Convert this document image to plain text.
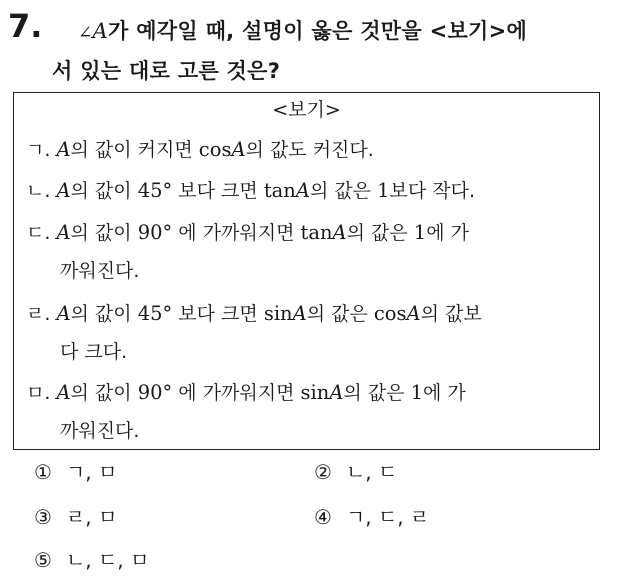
7.	∠A가 예각일 때, 설명이 옳은 것만을 <보기>에
서 있는 대로 고른 것은?
<보기>
ㄱ. A의 값이 커지면 cosA의 값도 커진다.
ㄴ. A의 값이 45° 보다 크면 tanA의 값은 1보다 작다.
ㄷ. A의 값이 90° 에 가까워지면 tanA의 값은 1에 가
까워진다.
ㄹ. A의 값이 45° 보다 크면 sinA의 값은 cosA의 값보
다 크다.
ㅁ. A의 값이 90° 에 가까워지면 sinA의 값은 1에 가
까워진다.
① ㄱ, ㅁ	② ㄴ, ㄷ
③ ㄹ, ㅁ	④ ㄱ, ㄷ, ㄹ
⑤ ㄴ, ㄷ, ㅁ
